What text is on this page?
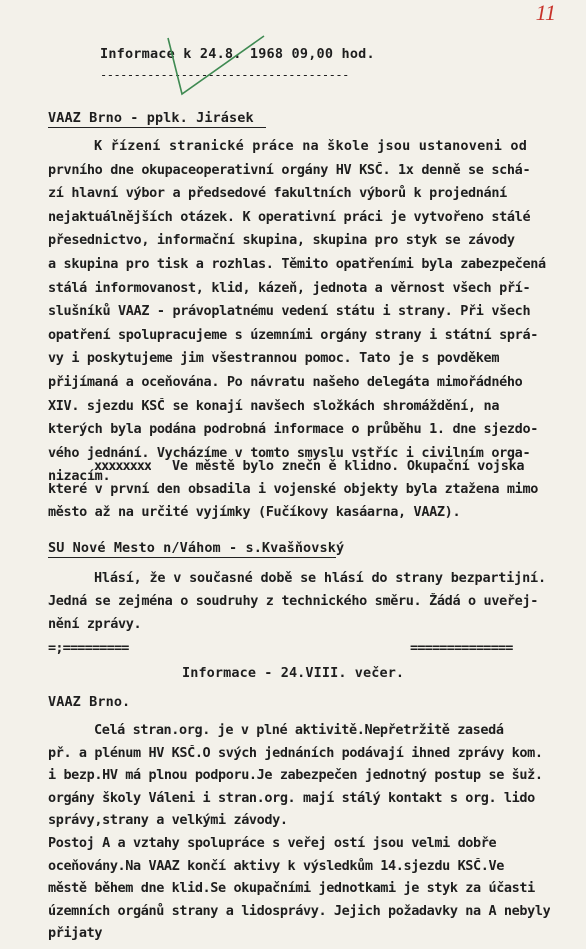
11
Informace k 24.8. 1968 09,00 hod.
-------------------------------------
VAAZ Brno - pplk. Jirásek
K řízení stranické práce na škole jsou ustanoveni od
prvního dne okupaceoperativní orgány HV KSČ. 1x denně se schá-
zí hlavní výbor a předsedové fakultních výborů k projednání
nejaktuálnějších otázek. K operativní práci je vytvořeno stálé
přesednictvo, informační skupina, skupina pro styk se závody
a skupina pro tisk a rozhlas. Těmito opatřeními byla zabezpečená
stálá informovanost, klid, kázeň, jednota a věrnost všech pří-
slušníků VAAZ - právoplatnému vedení státu i strany. Při všech
opatření spolupracujeme s územními orgány strany i státní sprá-
vy i poskytujeme jim všestrannou pomoc. Tato je s povděkem
přijímaná a oceňována. Po návratu našeho delegáta mimořádného
XIV. sjezdu KSČ se konají navšech složkách shromáždění, na
kterých byla podána podrobná informace o průběhu 1. dne sjezdo-
vého jednání. Vycházíme v tomto smyslu vstříc i civilním orga-
nizacím.
xxxxxxxx Ve městě bylo znečn ě klidno. Okupační vojska
které v první den obsadila i vojenské objekty byla ztažena mimo
město až na určité vyjímky (Fučíkovy kasáarna, VAAZ).
SU Nové Mesto n/Váhom - s.Kvašňovský
Hlásí, že v současné době se hlásí do strany bezpartijní.
Jedná se zejména o soudruhy z technického směru. Žádá o uveřej-
nění zprávy.
=;=========	==============
Informace - 24.VIII. večer.
VAAZ Brno.
Celá stran.org. je v plné aktivitě.Nepřetržitě zasedá
př. a plénum HV KSČ.O svých jednáních podávají ihned zprávy kom.
i bezp.HV má plnou podporu.Je zabezpečen jednotný postup se šuž.
orgány školy Váleni i stran.org. mají stálý kontakt s org. lido
správy,strany a velkými závody.
Postoj A a vztahy spolupráce s veřej ostí jsou velmi dobře
oceňovány.Na VAAZ končí aktivy k výsledkům 14.sjezdu KSČ.Ve
městě během dne klid.Se okupačními jednotkami je styk za účasti
územních orgánů strany a lidosprávy. Jejich požadavky na A nebyly
přijaty
